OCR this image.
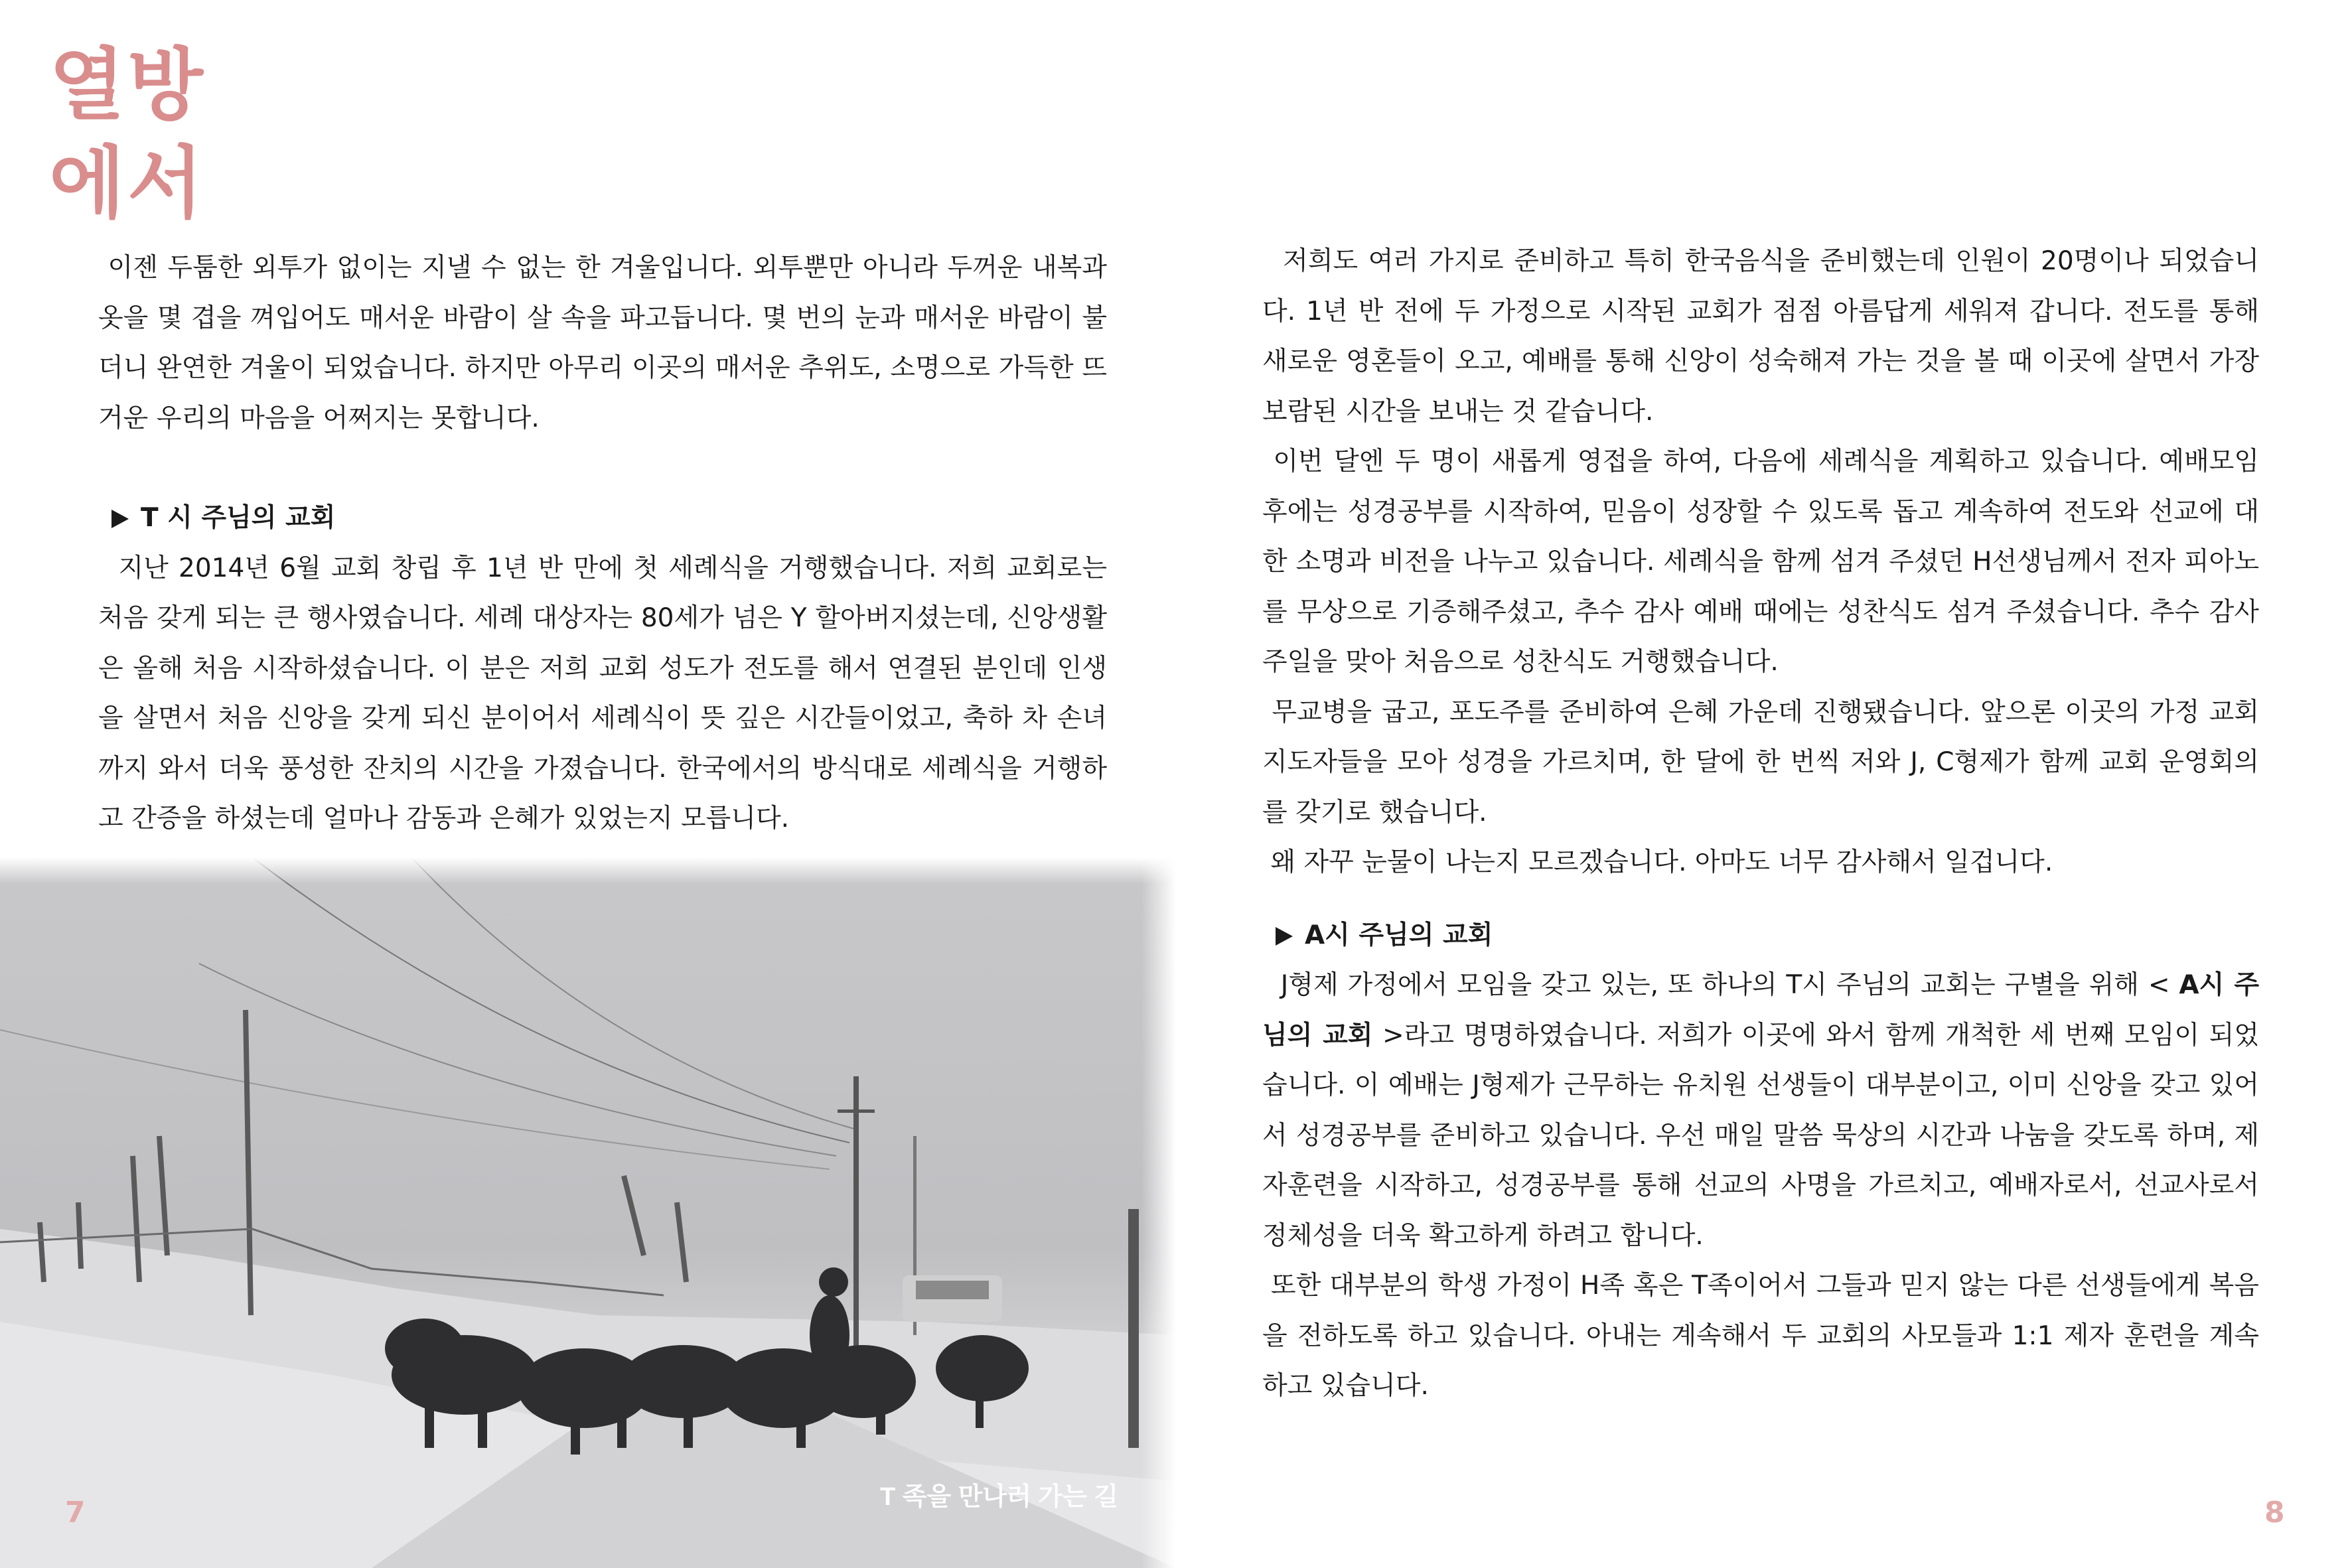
열방
에서

이젠 두툼한 외투가 없이는 지낼 수 없는 한 겨울입니다. 외투뿐만 아니라 두꺼운 내복과 옷을 몇 겹을 껴입어도 매서운 바람이 살 속을 파고듭니다. 몇 번의 눈과 매서운 바람이 불더니 완연한 겨울이 되었습니다. 하지만 아무리 이곳의 매서운 추위도, 소명으로 가득한 뜨거운 우리의 마음을 어쩌지는 못합니다.

T 시 주님의 교회

지난 2014년 6월 교회 창립 후 1년 반 만에 첫 세례식을 거행했습니다. 저희 교회로는 처음 갖게 되는 큰 행사였습니다. 세례 대상자는 80세가 넘은 Y 할아버지셨는데, 신앙생활은 올해 처음 시작하셨습니다. 이 분은 저희 교회 성도가 전도를 해서 연결된 분인데 인생을 살면서 처음 신앙을 갖게 되신 분이어서 세례식이 뜻 깊은 시간들이었고, 축하 차 손녀까지 와서 더욱 풍성한 잔치의 시간을 가졌습니다. 한국에서의 방식대로 세례식을 거행하고 간증을 하셨는데 얼마나 감동과 은혜가 있었는지 모릅니다.

T 족을 만나러 가는 길
7

저희도 여러 가지로 준비하고 특히 한국음식을 준비했는데 인원이 20명이나 되었습니다. 1년 반 전에 두 가정으로 시작된 교회가 점점 아름답게 세워져 갑니다. 전도를 통해 새로운 영혼들이 오고, 예배를 통해 신앙이 성숙해져 가는 것을 볼 때 이곳에 살면서 가장 보람된 시간을 보내는 것 같습니다.

이번 달엔 두 명이 새롭게 영접을 하여, 다음에 세례식을 계획하고 있습니다. 예배모임 후에는 성경공부를 시작하여, 믿음이 성장할 수 있도록 돕고 계속하여 전도와 선교에 대한 소명과 비전을 나누고 있습니다. 세례식을 함께 섬겨 주셨던 H선생님께서 전자 피아노를 무상으로 기증해주셨고, 추수 감사 예배 때에는 성찬식도 섬겨 주셨습니다. 추수 감사 주일을 맞아 처음으로 성찬식도 거행했습니다.

무교병을 굽고, 포도주를 준비하여 은혜 가운데 진행됐습니다. 앞으론 이곳의 가정 교회 지도자들을 모아 성경을 가르치며, 한 달에 한 번씩 저와 J, C형제가 함께 교회 운영회의를 갖기로 했습니다.

왜 자꾸 눈물이 나는지 모르겠습니다. 아마도 너무 감사해서 일겁니다.

A시 주님의 교회

J형제 가정에서 모임을 갖고 있는, 또 하나의 T시 주님의 교회는 구별을 위해 < A시 주님의 교회 >라고 명명하였습니다. 저희가 이곳에 와서 함께 개척한 세 번째 모임이 되었습니다. 이 예배는 J형제가 근무하는 유치원 선생들이 대부분이고, 이미 신앙을 갖고 있어서 성경공부를 준비하고 있습니다. 우선 매일 말씀 묵상의 시간과 나눔을 갖도록 하며, 제자훈련을 시작하고, 성경공부를 통해 선교의 사명을 가르치고, 예배자로서, 선교사로서 정체성을 더욱 확고하게 하려고 합니다.

또한 대부분의 학생 가정이 H족 혹은 T족이어서 그들과 믿지 않는 다른 선생들에게 복음을 전하도록 하고 있습니다. 아내는 계속해서 두 교회의 사모들과 1:1 제자 훈련을 계속 하고 있습니다.

8
